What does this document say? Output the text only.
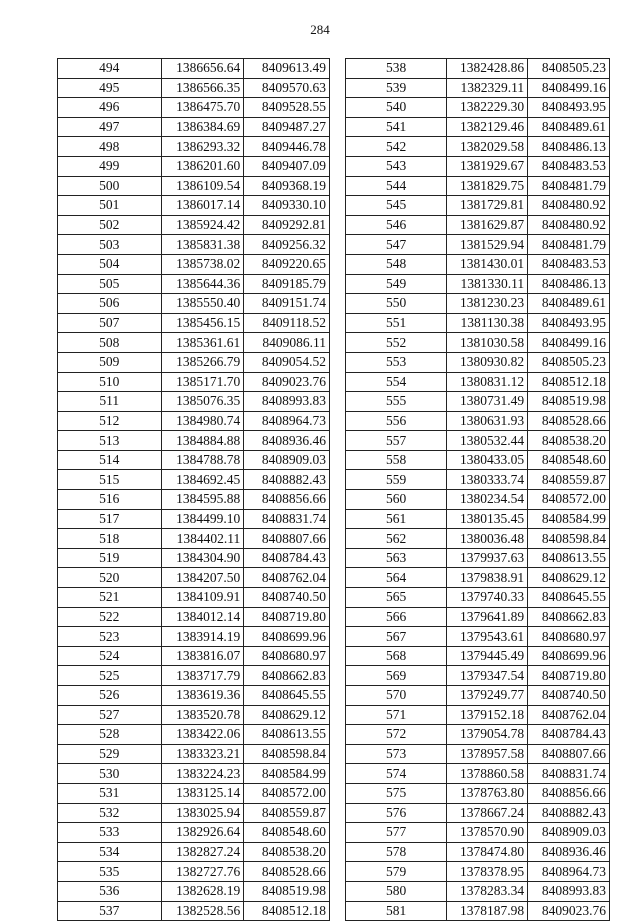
284
494	1386656.64	8409613.49
495	1386566.35	8409570.63
496	1386475.70	8409528.55
497	1386384.69	8409487.27
498	1386293.32	8409446.78
499	1386201.60	8409407.09
500	1386109.54	8409368.19
501	1386017.14	8409330.10
502	1385924.42	8409292.81
503	1385831.38	8409256.32
504	1385738.02	8409220.65
505	1385644.36	8409185.79
506	1385550.40	8409151.74
507	1385456.15	8409118.52
508	1385361.61	8409086.11
509	1385266.79	8409054.52
510	1385171.70	8409023.76
511	1385076.35	8408993.83
512	1384980.74	8408964.73
513	1384884.88	8408936.46
514	1384788.78	8408909.03
515	1384692.45	8408882.43
516	1384595.88	8408856.66
517	1384499.10	8408831.74
518	1384402.11	8408807.66
519	1384304.90	8408784.43
520	1384207.50	8408762.04
521	1384109.91	8408740.50
522	1384012.14	8408719.80
523	1383914.19	8408699.96
524	1383816.07	8408680.97
525	1383717.79	8408662.83
526	1383619.36	8408645.55
527	1383520.78	8408629.12
528	1383422.06	8408613.55
529	1383323.21	8408598.84
530	1383224.23	8408584.99
531	1383125.14	8408572.00
532	1383025.94	8408559.87
533	1382926.64	8408548.60
534	1382827.24	8408538.20
535	1382727.76	8408528.66
536	1382628.19	8408519.98
537	1382528.56	8408512.18
538	1382428.86	8408505.23
539	1382329.11	8408499.16
540	1382229.30	8408493.95
541	1382129.46	8408489.61
542	1382029.58	8408486.13
543	1381929.67	8408483.53
544	1381829.75	8408481.79
545	1381729.81	8408480.92
546	1381629.87	8408480.92
547	1381529.94	8408481.79
548	1381430.01	8408483.53
549	1381330.11	8408486.13
550	1381230.23	8408489.61
551	1381130.38	8408493.95
552	1381030.58	8408499.16
553	1380930.82	8408505.23
554	1380831.12	8408512.18
555	1380731.49	8408519.98
556	1380631.93	8408528.66
557	1380532.44	8408538.20
558	1380433.05	8408548.60
559	1380333.74	8408559.87
560	1380234.54	8408572.00
561	1380135.45	8408584.99
562	1380036.48	8408598.84
563	1379937.63	8408613.55
564	1379838.91	8408629.12
565	1379740.33	8408645.55
566	1379641.89	8408662.83
567	1379543.61	8408680.97
568	1379445.49	8408699.96
569	1379347.54	8408719.80
570	1379249.77	8408740.50
571	1379152.18	8408762.04
572	1379054.78	8408784.43
573	1378957.58	8408807.66
574	1378860.58	8408831.74
575	1378763.80	8408856.66
576	1378667.24	8408882.43
577	1378570.90	8408909.03
578	1378474.80	8408936.46
579	1378378.95	8408964.73
580	1378283.34	8408993.83
581	1378187.98	8409023.76
